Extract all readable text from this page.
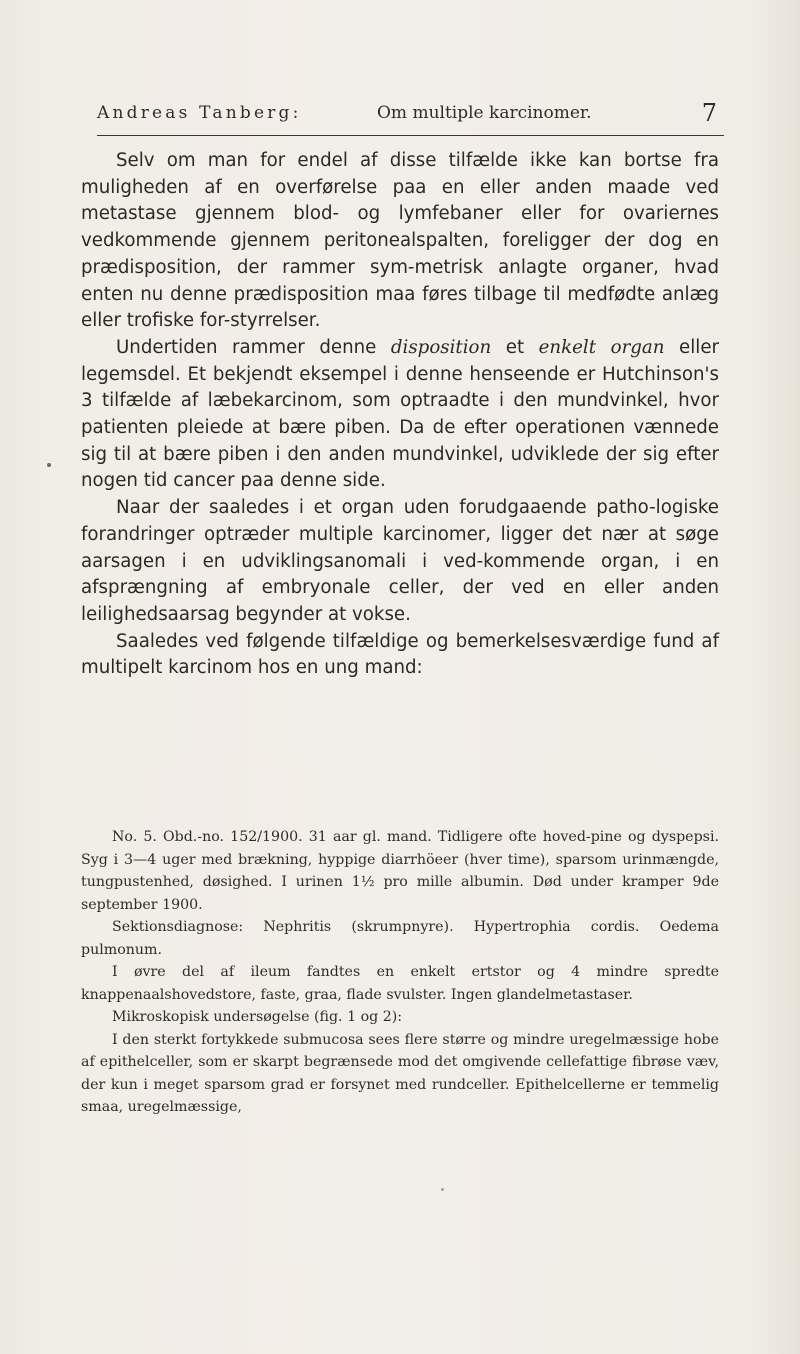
Andreas Tanberg:	Om multiple karcinomer.	7

Selv om man for endel af disse tilfælde ikke kan bortse fra muligheden af en overførelse paa en eller anden maade ved metastase gjennem blod- og lymfebaner eller for ovariernes vedkommende gjennem peritonealspalten, foreligger der dog en prædisposition, der rammer sym-metrisk anlagte organer, hvad enten nu denne prædisposition maa føres tilbage til medfødte anlæg eller trofiske for-styrrelser.

Undertiden rammer denne disposition et enkelt organ eller legemsdel. Et bekjendt eksempel i denne henseende er Hutchinson's 3 tilfælde af læbekarcinom, som optraadte i den mundvinkel, hvor patienten pleiede at bære piben. Da de efter operationen vænnede sig til at bære piben i den anden mundvinkel, udviklede der sig efter nogen tid cancer paa denne side.

Naar der saaledes i et organ uden forudgaaende patho-logiske forandringer optræder multiple karcinomer, ligger det nær at søge aarsagen i en udviklingsanomali i ved-kommende organ, i en afsprængning af embryonale celler, der ved en eller anden leilighedsaarsag begynder at vokse.

Saaledes ved følgende tilfældige og bemerkelsesværdige fund af multipelt karcinom hos en ung mand:

No. 5. Obd.-no. 152/1900. 31 aar gl. mand. Tidligere ofte hoved-pine og dyspepsi. Syg i 3—4 uger med brækning, hyppige diarrhöeer (hver time), sparsom urinmængde, tungpustenhed, døsighed. I urinen 1½ pro mille albumin. Død under kramper 9de september 1900.

Sektionsdiagnose: Nephritis (skrumpnyre). Hypertrophia cordis. Oedema pulmonum.

I øvre del af ileum fandtes en enkelt ertstor og 4 mindre spredte knappenaalshovedstore, faste, graa, flade svulster. Ingen glandelmetastaser.

Mikroskopisk undersøgelse (fig. 1 og 2):

I den sterkt fortykkede submucosa sees flere større og mindre uregelmæssige hobe af epithelceller, som er skarpt begrænsede mod det omgivende cellefattige fibrøse væv, der kun i meget sparsom grad er forsynet med rundceller. Epithelcellerne er temmelig smaa, uregelmæssige,
